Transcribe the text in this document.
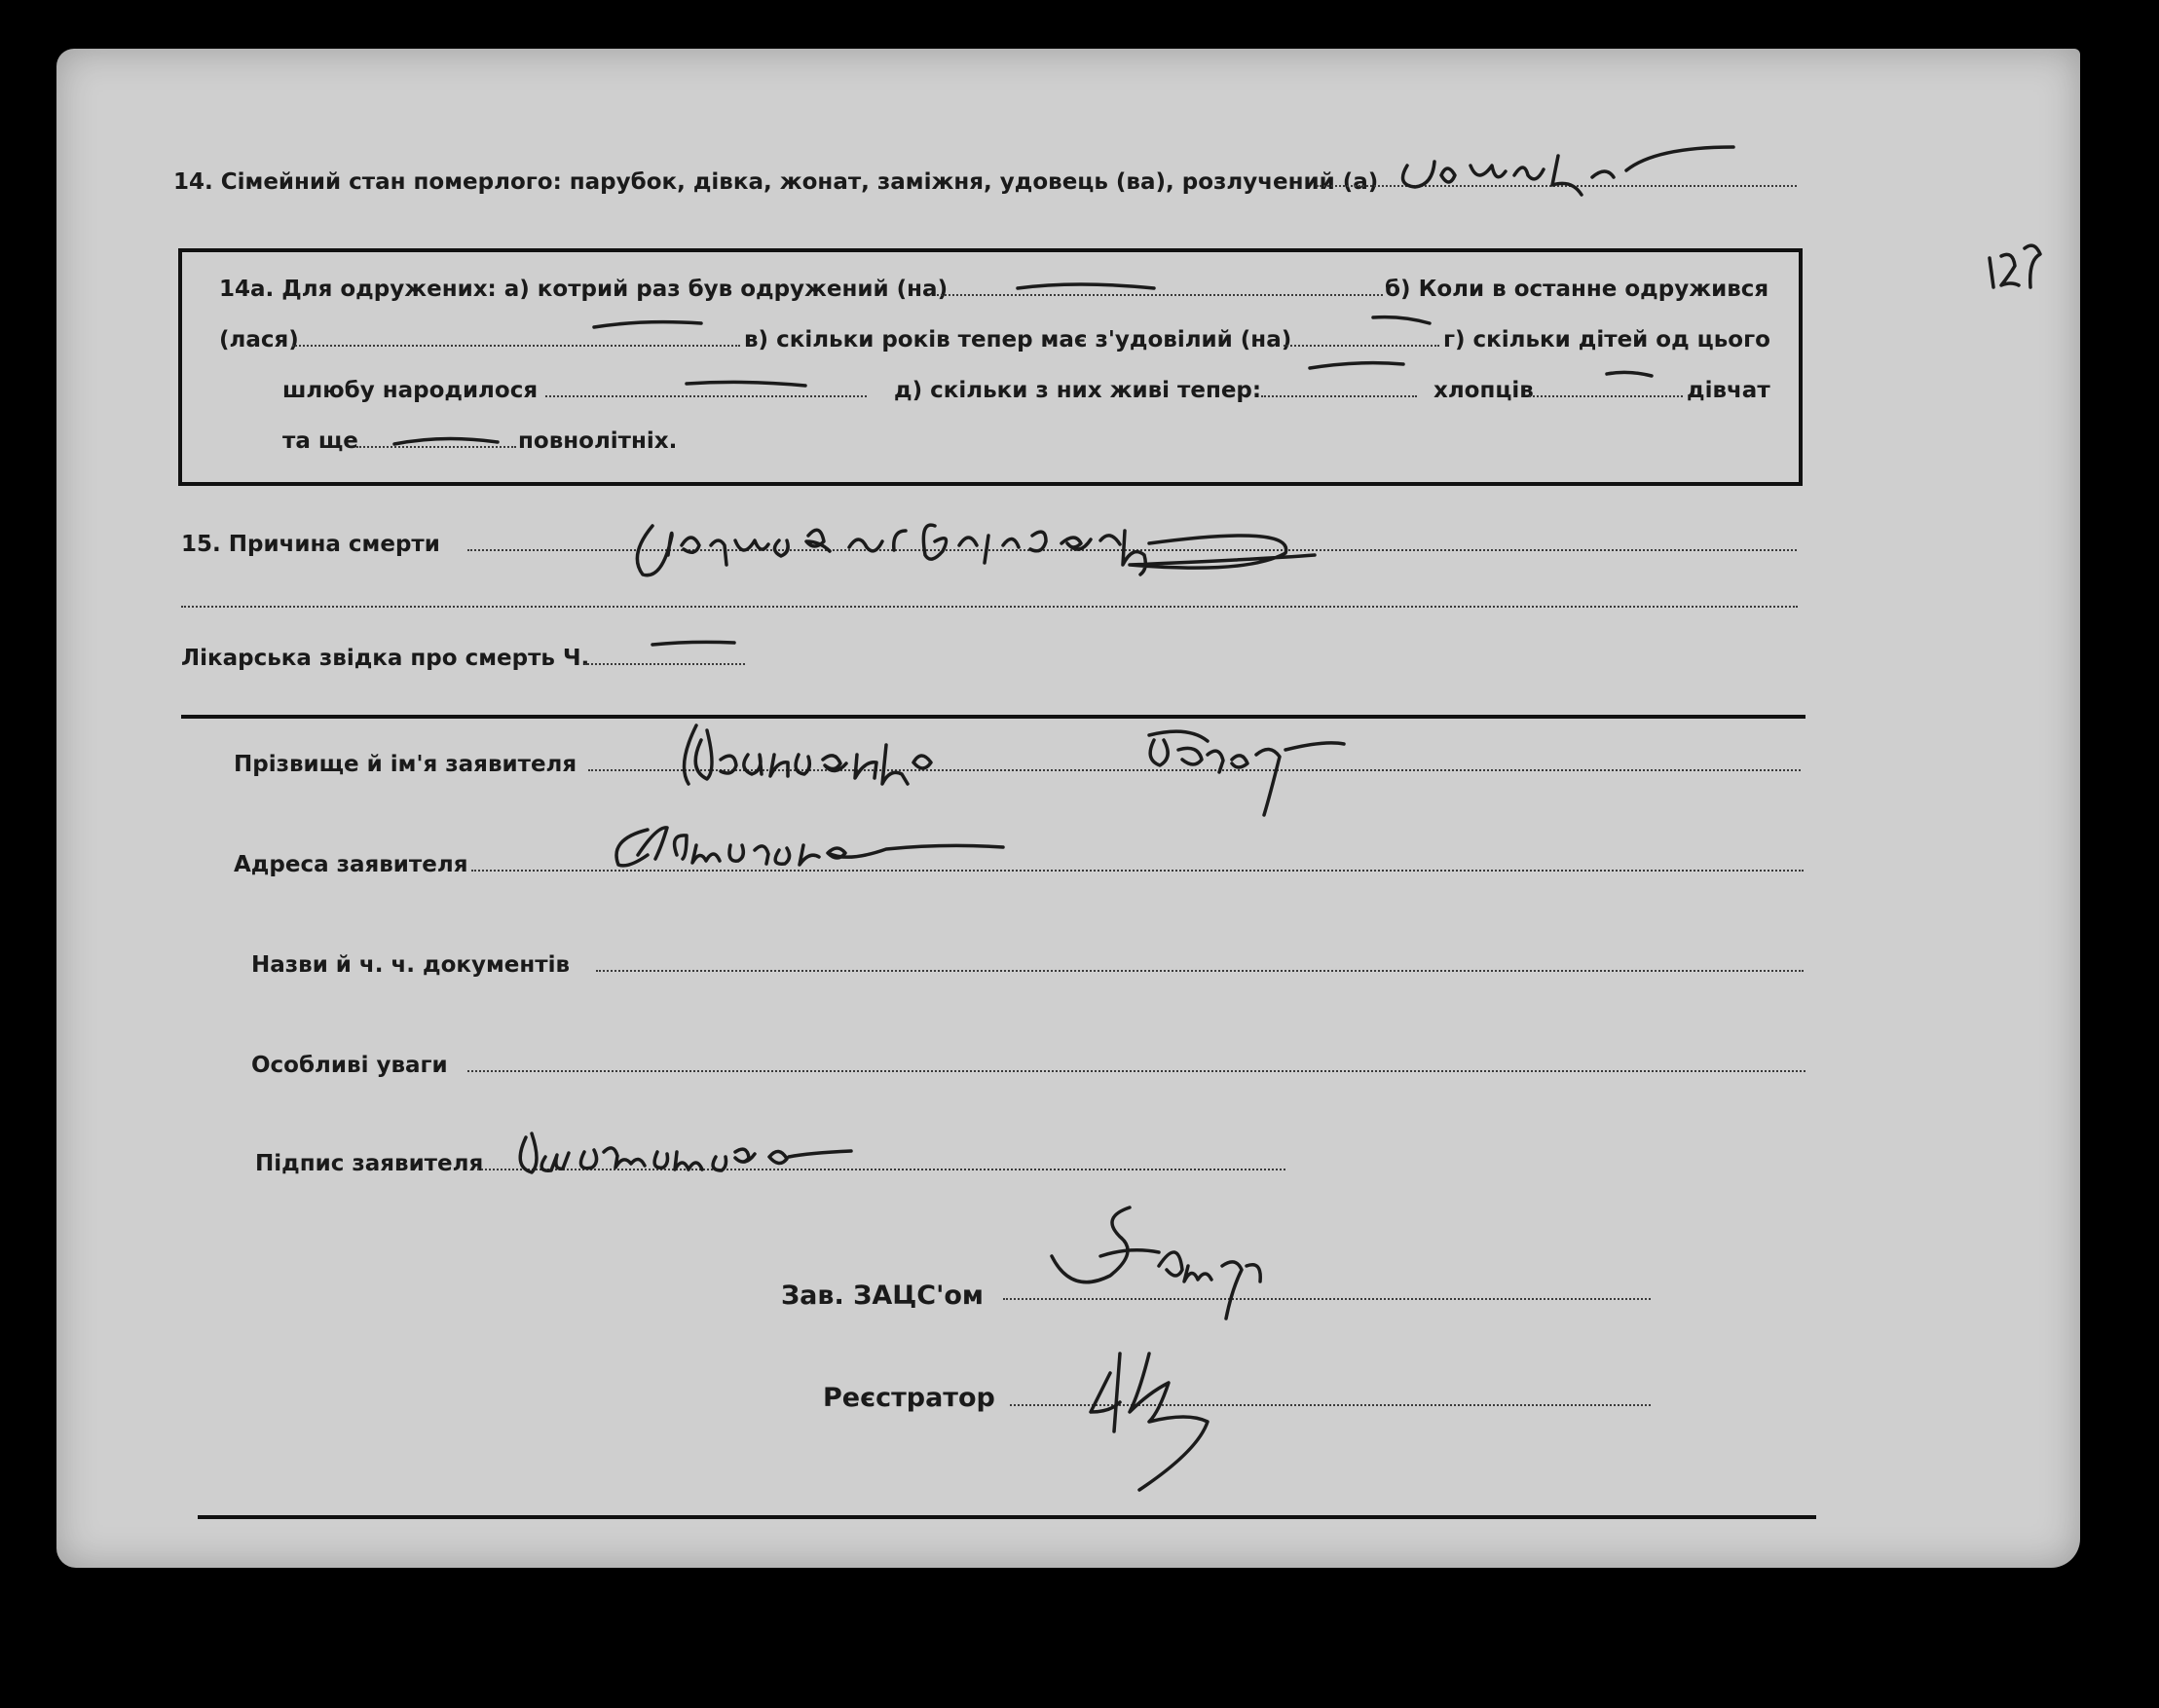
14. Сімейний стан померлого: парубок, дівка, жонат, заміжня, удовець (ва), розлучений (а)
14а. Для одружених: а) котрий раз був одружений (на)	б) Коли в останне одружився
(лася)	в) скільки років тепер має з'удовілий (на)	г) скільки дітей од цього
шлюбу народилося	д) скільки з них живі тепер:	хлопців	дівчат
та ще	повнолітніх.
15. Причина смерти
Лікарська звідка про смерть Ч.
Прізвище й ім'я заявителя
Адреса заявителя
Назви й ч. ч. документів
Особливі уваги
Підпис заявителя
Зав. ЗАЦС'ом
Реєстратор
